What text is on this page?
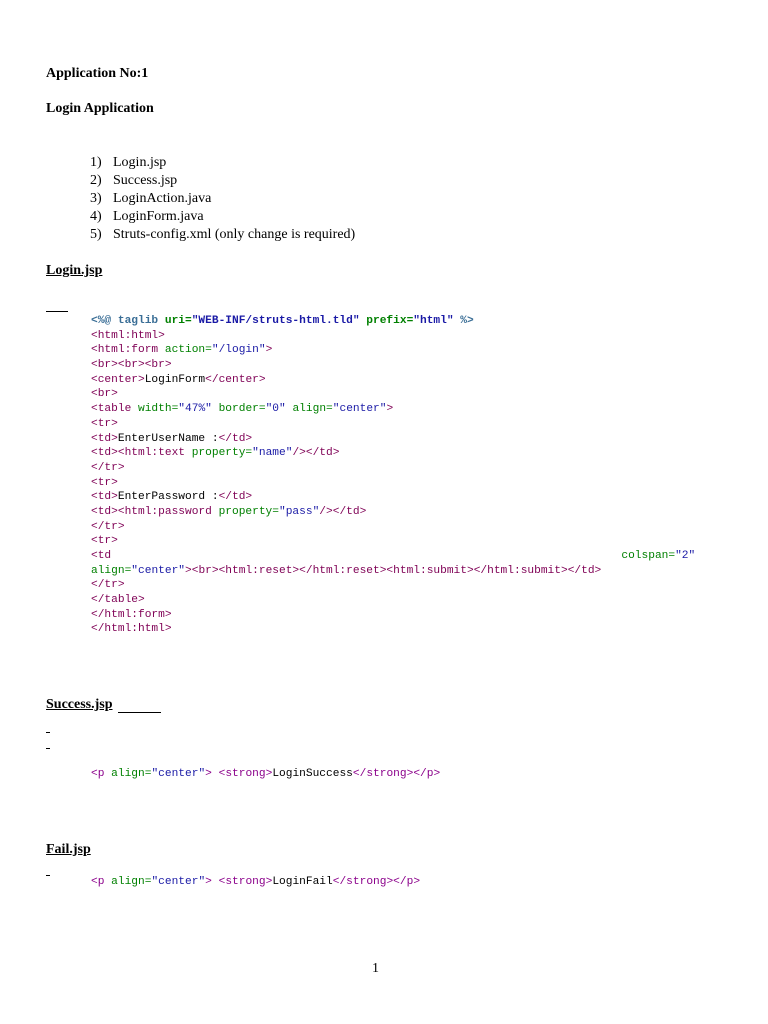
Application No:1
Login Application
1) Login.jsp
2) Success.jsp
3) LoginAction.java
4) LoginForm.java
5) Struts-config.xml (only change is required)
Login.jsp
<%@ taglib uri="WEB-INF/struts-html.tld" prefix="html" %>
<html:html>
<html:form action="/login">
<br><br><br>
<center>LoginForm</center>
<br>
<table width="47%" border="0" align="center">
<tr>
<td>EnterUserName :</td>
<td><html:text property="name"/></td>
</tr>
<tr>
<td>EnterPassword :</td>
<td><html:password property="pass"/></td>
</tr>
<tr>
<td                                                                            colspan="2"
align="center"><br><html:reset></html:reset><html:submit></html:submit></td>
</tr>
</table>
</html:form>
</html:html>
Success.jsp
<p align="center"> <strong>LoginSuccess</strong></p>
Fail.jsp
<p align="center"> <strong>LoginFail</strong></p>
1
